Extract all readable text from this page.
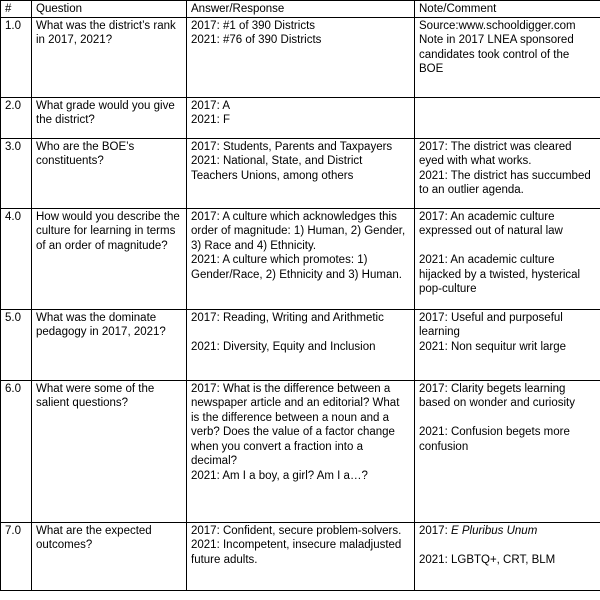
#	Question	Answer/Response	Note/Comment
1.0	What was the district’s rank in 2017, 2021?	2017: #1 of 390 Districts
2021: #76 of 390 Districts	Source:www.schooldigger.com
Note in 2017 LNEA sponsored candidates took control of the BOE

2.0	What grade would you give the district?	2017: A
2021: F	

3.0	Who are the BOE’s constituents?	2017: Students, Parents and Taxpayers
2021: National, State, and District Teachers Unions, among others	2017: The district was cleared eyed with what works.
2021: The district has succumbed to an outlier agenda.

4.0	How would you describe the culture for learning in terms of an order of magnitude?	2017: A culture which acknowledges this order of magnitude: 1) Human, 2) Gender, 3) Race and 4) Ethnicity.
2021: A culture which promotes: 1) Gender/Race, 2) Ethnicity and 3) Human.	2017: An academic culture expressed out of natural law
2021: An academic culture hijacked by a twisted, hysterical pop-culture

5.0	What was the dominate pedagogy in 2017, 2021?	2017: Reading, Writing and Arithmetic
2021: Diversity, Equity and Inclusion	2017: Useful and purposeful learning
2021: Non sequitur writ large

6.0	What were some of the salient questions?	2017: What is the difference between a newspaper article and an editorial? What is the difference between a noun and a verb? Does the value of a factor change when you convert a fraction into a decimal?
2021: Am I a boy, a girl? Am I a…?	2017: Clarity begets learning based on wonder and curiosity
2021: Confusion begets more confusion

7.0	What are the expected outcomes?	2017: Confident, secure problem-solvers.
2021: Incompetent, insecure maladjusted future adults.	2017: E Pluribus Unum
2021: LGBTQ+, CRT, BLM
